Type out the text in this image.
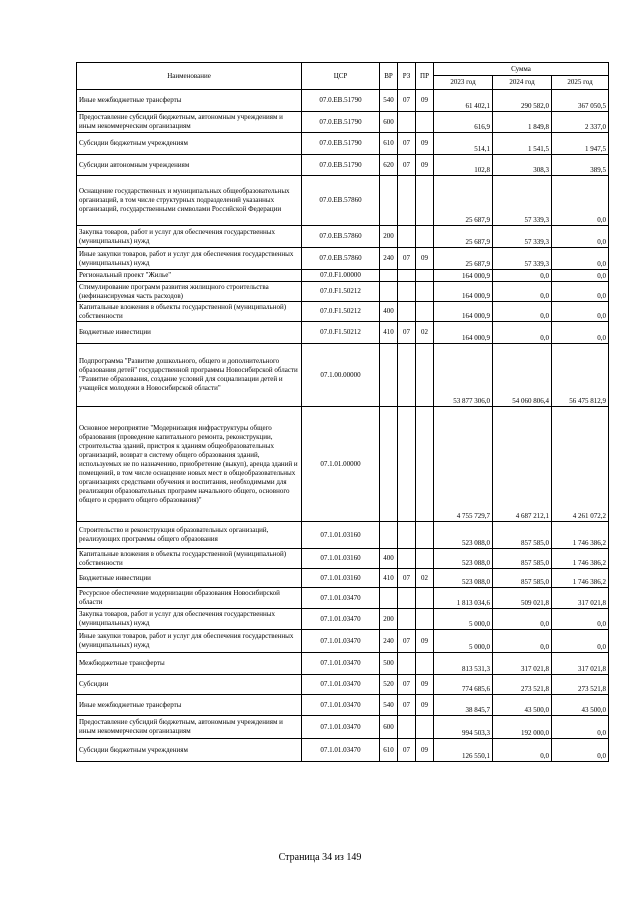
Наименование	ЦСР	ВР	РЗ	ПР	Сумма		
					2023 год	2024 год	2025 год
Иные межбюджетные трансферты	07.0.EB.51790	540	07	09	61 402,1	290 582,0	367 050,5
Предоставление субсидий бюджетным, автономным учреждениям и иным некоммерческим организациям	07.0.EB.51790	600			616,9	1 849,8	2 337,0
Субсидии бюджетным учреждениям	07.0.EB.51790	610	07	09	514,1	1 541,5	1 947,5
Субсидии автономным учреждениям	07.0.EB.51790	620	07	09	102,8	308,3	389,5
Оснащение государственных и муниципальных общеобразовательных организаций, в том числе структурных подразделений указанных организаций, государственными символами Российской Федерации	07.0.EB.57860				25 687,9	57 339,3	0,0
Закупка товаров, работ и услуг для обеспечения государственных (муниципальных) нужд	07.0.EB.57860	200			25 687,9	57 339,3	0,0
Иные закупки товаров, работ и услуг для обеспечения государственных (муниципальных) нужд	07.0.EB.57860	240	07	09	25 687,9	57 339,3	0,0
Региональный проект "Жилье"	07.0.F1.00000				164 000,9	0,0	0,0
Стимулирование программ развития жилищного строительства (нефинансируемая часть расходов)	07.0.F1.50212				164 000,9	0,0	0,0
Капитальные вложения в объекты государственной (муниципальной) собственности	07.0.F1.50212	400			164 000,9	0,0	0,0
Бюджетные инвестиции	07.0.F1.50212	410	07	02	164 000,9	0,0	0,0
Подпрограмма "Развитие дошкольного, общего и дополнительного образования детей" государственной программы Новосибирской области "Развитие образования, создание условий для социализации детей и учащейся молодежи в Новосибирской области"	07.1.00.00000				53 877 306,0	54 060 806,4	56 475 812,9
Основное мероприятие "Модернизация инфраструктуры общего образования (проведение капитального ремонта, реконструкции, строительства зданий, пристроя к зданиям общеобразовательных организаций, возврат в систему общего образования зданий, используемых не по назначению, приобретение (выкуп), аренда зданий и помещений, в том числе оснащение новых мест в общеобразовательных организациях средствами обучения и воспитания, необходимыми для реализации образовательных программ начального общего, основного общего и среднего общего образования)"	07.1.01.00000				4 755 729,7	4 687 212,1	4 261 072,2
Строительство и реконструкция образовательных организаций, реализующих программы общего образования	07.1.01.03160				523 088,0	857 585,0	1 746 386,2
Капитальные вложения в объекты государственной (муниципальной) собственности	07.1.01.03160	400			523 088,0	857 585,0	1 746 386,2
Бюджетные инвестиции	07.1.01.03160	410	07	02	523 088,0	857 585,0	1 746 386,2
Ресурсное обеспечение модернизации образования Новосибирской области	07.1.01.03470				1 813 034,6	509 021,8	317 021,8
Закупка товаров, работ и услуг для обеспечения государственных (муниципальных) нужд	07.1.01.03470	200			5 000,0	0,0	0,0
Иные закупки товаров, работ и услуг для обеспечения государственных (муниципальных) нужд	07.1.01.03470	240	07	09	5 000,0	0,0	0,0
Межбюджетные трансферты	07.1.01.03470	500			813 531,3	317 021,8	317 021,8
Субсидии	07.1.01.03470	520	07	09	774 685,6	273 521,8	273 521,8
Иные межбюджетные трансферты	07.1.01.03470	540	07	09	38 845,7	43 500,0	43 500,0
Предоставление субсидий бюджетным, автономным учреждениям и иным некоммерческим организациям	07.1.01.03470	600			994 503,3	192 000,0	0,0
Субсидии бюджетным учреждениям	07.1.01.03470	610	07	09	126 550,1	0,0	0,0
Страница 34 из 149
